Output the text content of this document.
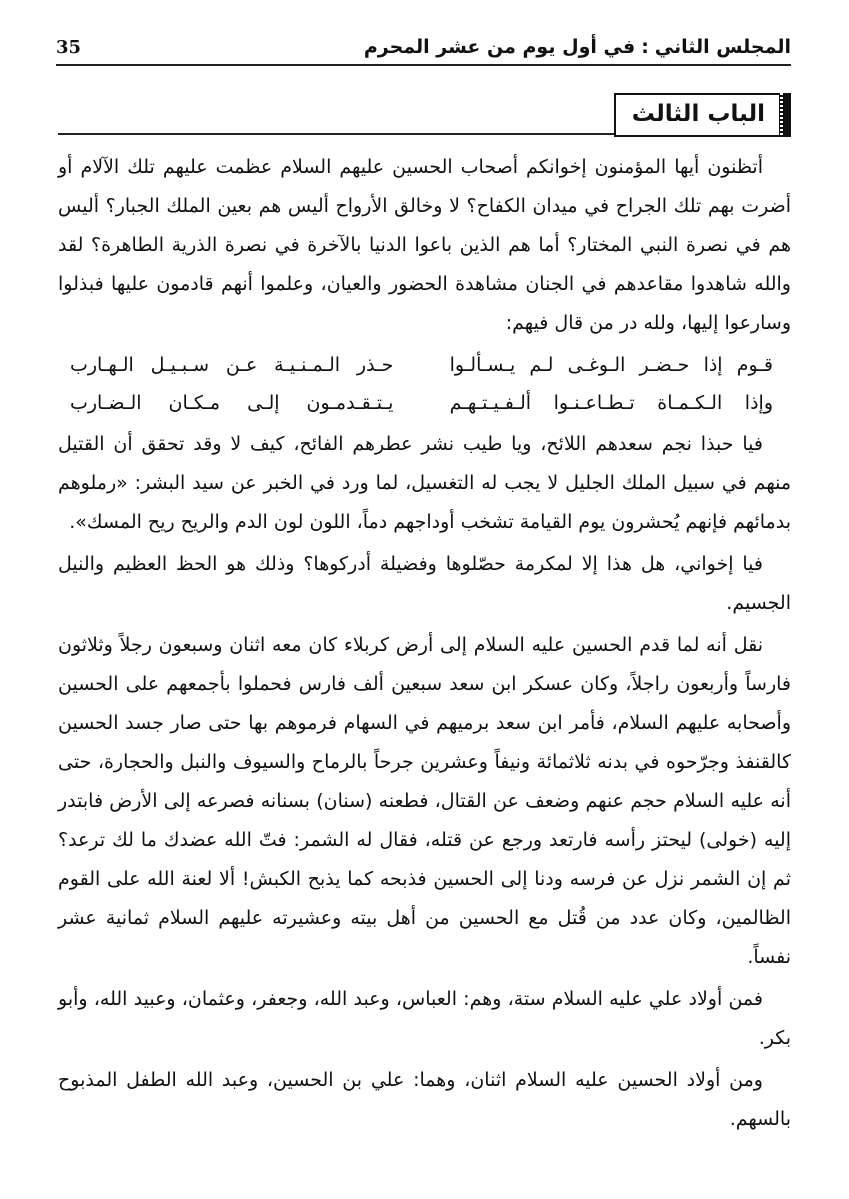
المجلس الثاني:في أول يوم من عشر المحرم
35
الباب الثالث

أتظنون أيها المؤمنون إخوانكم أصحاب الحسين عليهم السلام عظمت عليهم تلك الآلام أو أضرت بهم تلك الجراح في ميدان الكفاح؟ لا وخالق الأرواح أليس هم بعين الملك الجبار؟ أليس هم في نصرة النبي المختار؟ أما هم الذين باعوا الدنيا بالآخرة في نصرة الذرية الطاهرة؟ لقد والله شاهدوا مقاعدهم في الجنان مشاهدة الحضور والعيان، وعلموا أنهم قادمون عليها فبذلوا وسارعوا إليها، ولله در من قال فيهم:

قـوم إذا حـضـر الـوغـى لـم يـسـألـوا
حـذر الـمـنـيـة عـن سـبـيـل الـهـارب
وإذا الـكـمـاة تـطـاعـنـوا ألـفـيـتـهـم
يـتـقـدمـون إلـى مـكـان الـضـارب

فيا حبذا نجم سعدهم اللائح، ويا طيب نشر عطرهم الفائح، كيف لا وقد تحقق أن القتيل منهم في سبيل الملك الجليل لا يجب له التغسيل، لما ورد في الخبر عن سيد البشر: «رملوهم بدمائهم فإنهم يُحشرون يوم القيامة تشخب أوداجهم دماً، اللون لون الدم والريح ريح المسك».

فيا إخواني، هل هذا إلا لمكرمة حصّلوها وفضيلة أدركوها؟ وذلك هو الحظ العظيم والنيل الجسيم.

نقل أنه لما قدم الحسين عليه السلام إلى أرض كربلاء كان معه اثنان وسبعون رجلاً وثلاثون فارساً وأربعون راجلاً، وكان عسكر ابن سعد سبعين ألف فارس فحملوا بأجمعهم على الحسين وأصحابه عليهم السلام، فأمر ابن سعد برميهم في السهام فرموهم بها حتى صار جسد الحسين كالقنفذ وجرّحوه في بدنه ثلاثمائة ونيفاً وعشرين جرحاً بالرماح والسيوف والنبل والحجارة، حتى أنه عليه السلام حجم عنهم وضعف عن القتال، فطعنه (سنان) بسنانه فصرعه إلى الأرض فابتدر إليه (خولى) ليحتز رأسه فارتعد ورجع عن قتله، فقال له الشمر: فتّ الله عضدك ما لك ترعد؟ ثم إن الشمر نزل عن فرسه ودنا إلى الحسين فذبحه كما يذبح الكبش! ألا لعنة الله على القوم الظالمين، وكان عدد من قُتل مع الحسين من أهل بيته وعشيرته عليهم السلام ثمانية عشر نفساً.

فمن أولاد علي عليه السلام ستة، وهم: العباس، وعبد الله، وجعفر، وعثمان، وعبيد الله، وأبو بكر.

ومن أولاد الحسين عليه السلام اثنان، وهما: علي بن الحسين، وعبد الله الطفل المذبوح بالسهم.
